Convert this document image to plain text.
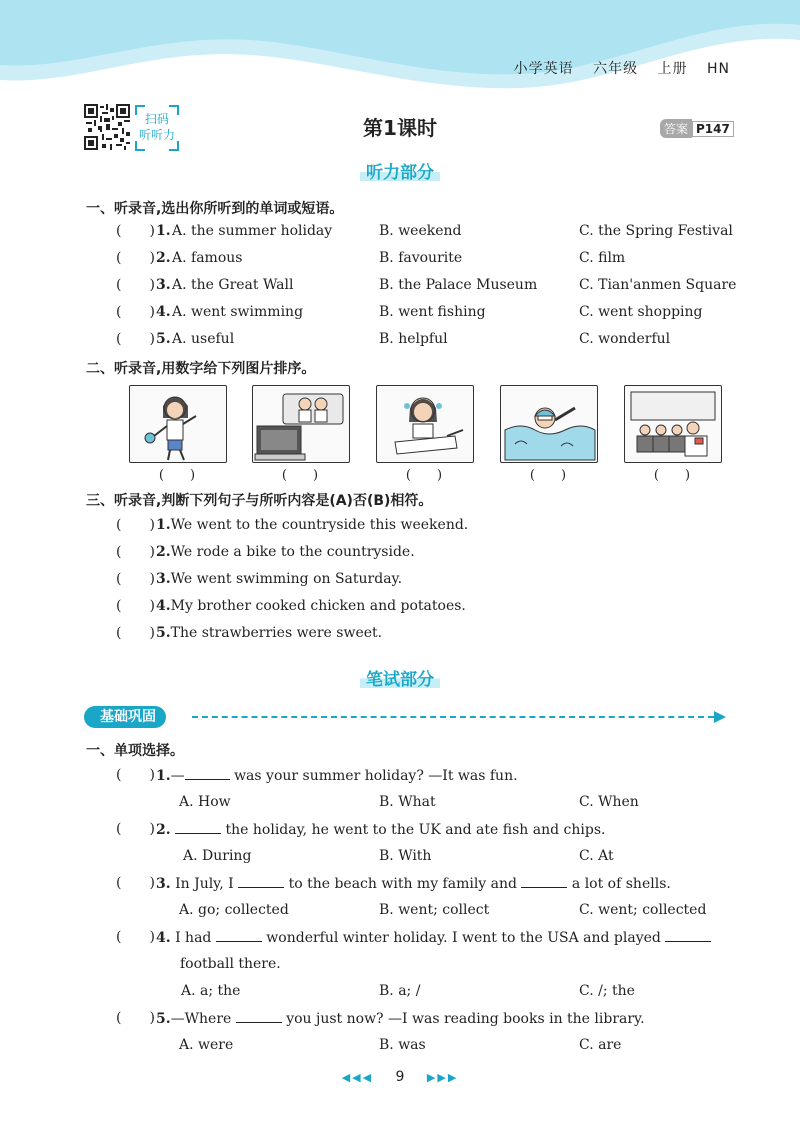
小学英语 六年级 上册 HN
扫码
听听力	第1课时	答案 P147
听力部分
一、听录音,选出你所听到的单词或短语。
(　　) 1. A. the summer holiday	B. weekend	C. the Spring Festival
(　　) 2. A. famous	B. favourite	C. film
(　　) 3. A. the Great Wall	B. the Palace Museum	C. Tian'anmen Square
(　　) 4. A. went swimming	B. went fishing	C. went shopping
(　　) 5. A. useful	B. helpful	C. wonderful
二、听录音,用数字给下列图片排序。
(　　)	(　　)	(　　)	(　　)	(　　)
三、听录音,判断下列句子与所听内容是(A)否(B)相符。
(　　) 1.We went to the countryside this weekend.
(　　) 2.We rode a bike to the countryside.
(　　) 3.We went swimming on Saturday.
(　　) 4.My brother cooked chicken and potatoes.
(　　) 5.The strawberries were sweet.
笔试部分
基础巩固
一、单项选择。
(　　) 1.—	was your summer holiday? —It was fun.
A. How	B. What	C. When
(　　) 2.	the holiday, he went to the UK and ate fish and chips.
A. During	B. With	C. At
(　　) 3. In July, I	to the beach with my family and	a lot of shells.
A. go; collected	B. went; collect	C. went; collected
(　　) 4. I had	wonderful winter holiday. I went to the USA and played
football there.
A. a; the	B. a; /	C. /; the
(　　) 5.—Where	you just now? —I was reading books in the library.
A. were	B. was	C. are
◀◀◀ 9 ▶▶▶
